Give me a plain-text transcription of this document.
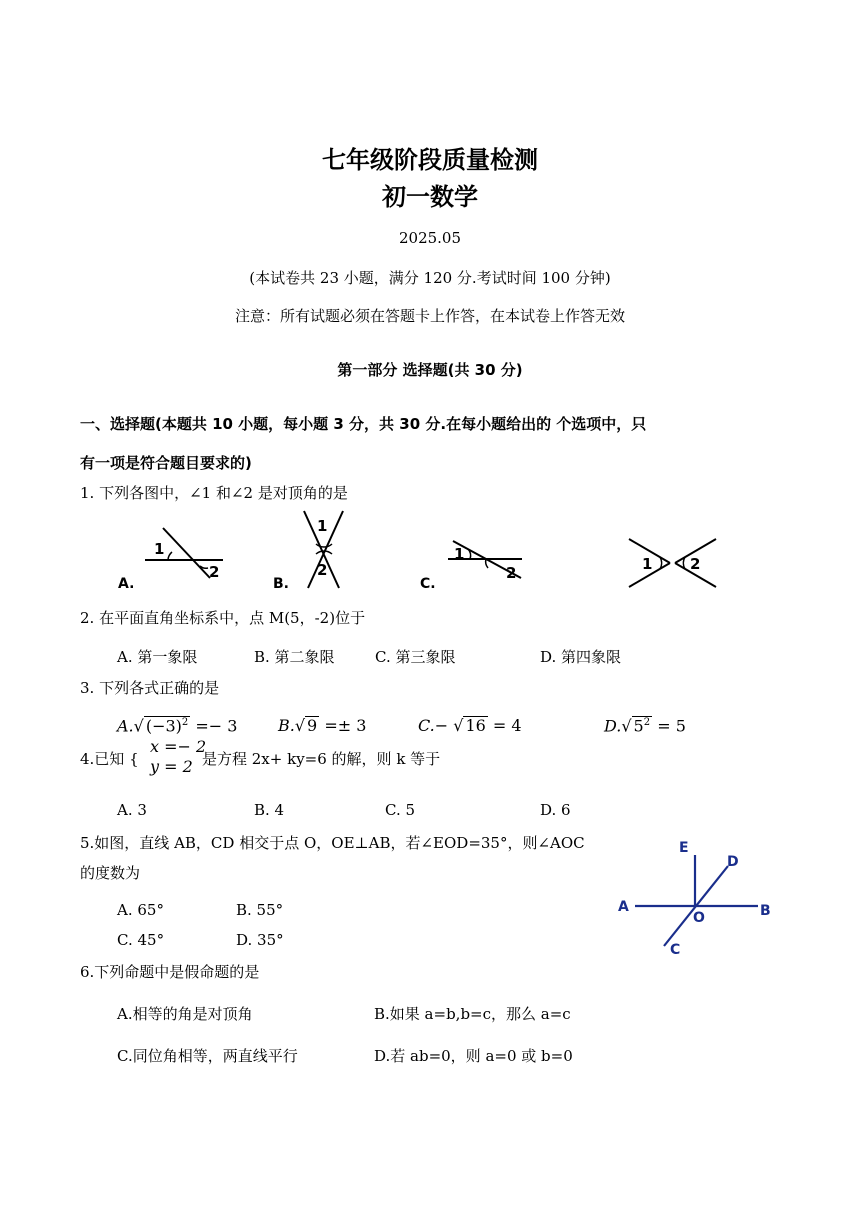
七年级阶段质量检测
初一数学
2025.05
(本试卷共 23 小题，满分 120 分.考试时间 100 分钟)
注意：所有试题必须在答题卡上作答，在本试卷上作答无效
第一部分 选择题(共 30 分)
一、选择题(本题共 10 小题，每小题 3 分，共 30 分.在每小题给出的 个选项中，只
有一项是符合题目要求的)
1. 下列各图中，∠1 和∠2 是对顶角的是
1
2
A.
1
2
B.
1
2
C.
1	2
2. 在平面直角坐标系中，点 M(5，-2)位于
A. 第一象限	B. 第二象限	C. 第三象限	D. 第四象限
3. 下列各式正确的是
A.√ $(-3)^2 =- 3$	B.√ 9 =± 3	C.− √ 16 = 4	D.√ $5^2 = 5$
4.已知 {
x =− 2
y = 2 是方程 2x+ ky=6 的解，则 k 等于
A. 3	B. 4	C. 5	D. 6
5.如图，直线 AB，CD 相交于点 O，OE⊥AB，若∠EOD=35°，则∠AOC
的度数为
A. 65°	B. 55°
C. 45°	D. 35°
E
D
A	B
O
C
6.下列命题中是假命题的是
A.相等的角是对顶角	B.如果 a=b,b=c，那么 a=c
C.同位角相等，两直线平行	D.若 ab=0，则 a=0 或 b=0
